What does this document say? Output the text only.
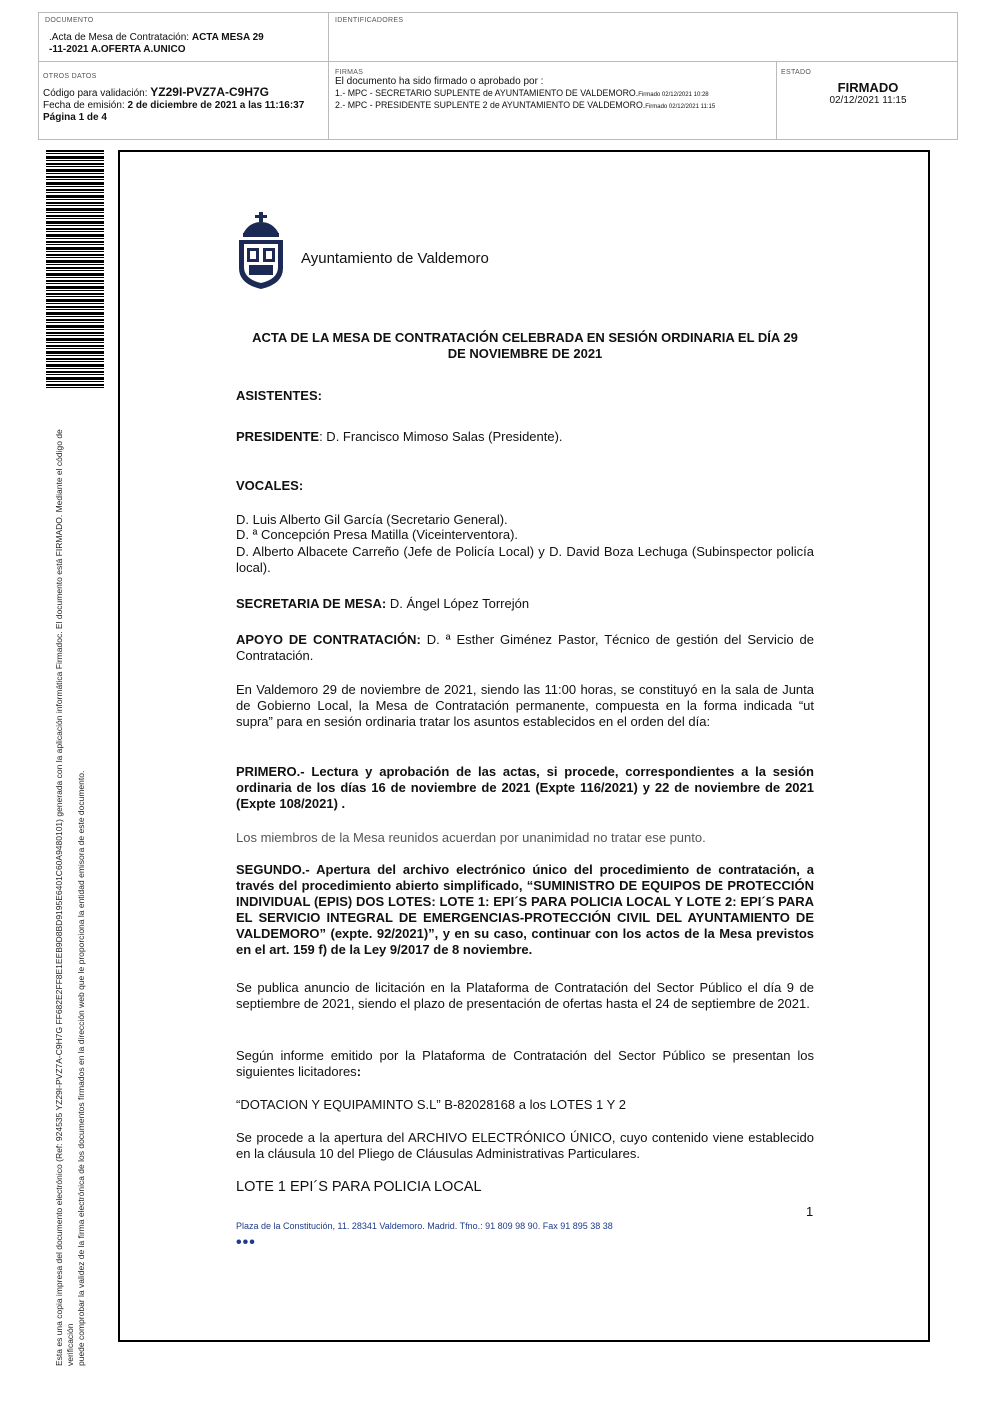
DOCUMENTO
.Acta de Mesa de Contratación: ACTA MESA 29
-11-2021 A.OFERTA A.UNICO
IDENTIFICADORES
OTROS DATOS
Código para validación: YZ29I-PVZ7A-C9H7G
Fecha de emisión: 2 de diciembre de 2021 a las 11:16:37
Página 1 de 4
FIRMAS
El documento ha sido firmado o aprobado por :
1.- MPC - SECRETARIO SUPLENTE de AYUNTAMIENTO DE VALDEMORO.Firmado 02/12/2021 10:28
2.- MPC - PRESIDENTE SUPLENTE 2 de AYUNTAMIENTO DE VALDEMORO.Firmado 02/12/2021 11:15
ESTADO
FIRMADO
02/12/2021 11:15
Esta es una copia impresa del documento electrónico (Ref: 924535 YZ29I-PVZ7A-C9H7G FF682E2FF8E1EEB9D8BD9195E6401C60A9480101) generada con la aplicación informática Firmadoc. El documento está FIRMADO. Mediante el código de verificación puede comprobar la validez de la firma electrónica de los documentos firmados en la dirección web que le proporciona la entidad emisora de este documento.
Ayuntamiento de Valdemoro
ACTA DE LA MESA DE CONTRATACIÓN CELEBRADA EN SESIÓN ORDINARIA EL DÍA 29
DE NOVIEMBRE DE 2021
ASISTENTES:
PRESIDENTE: D. Francisco Mimoso Salas (Presidente).
VOCALES:
D. Luis Alberto Gil García (Secretario General).
D. ª Concepción Presa Matilla (Viceinterventora).
D. Alberto Albacete Carreño (Jefe de Policía Local) y D. David Boza Lechuga (Subinspector policía local).
SECRETARIA DE MESA: D. Ángel López Torrejón
APOYO DE CONTRATACIÓN: D. ª Esther Giménez Pastor, Técnico de gestión del Servicio de Contratación.
En Valdemoro 29 de noviembre de 2021, siendo las 11:00 horas, se constituyó en la sala de Junta de Gobierno Local, la Mesa de Contratación permanente, compuesta en la forma indicada “ut supra” para en sesión ordinaria tratar los asuntos establecidos en el orden del día:
PRIMERO.- Lectura y aprobación de las actas, si procede, correspondientes a la sesión ordinaria de los días 16 de noviembre de 2021 (Expte 116/2021) y 22 de noviembre de 2021 (Expte 108/2021) .
Los miembros de la Mesa reunidos acuerdan por unanimidad no tratar ese punto.
SEGUNDO.- Apertura del archivo electrónico único del procedimiento de contratación, a través del procedimiento abierto simplificado, “SUMINISTRO DE EQUIPOS DE PROTECCIÓN INDIVIDUAL (EPIS) DOS LOTES: LOTE 1: EPI´S PARA POLICIA LOCAL Y LOTE 2: EPI´S PARA EL SERVICIO INTEGRAL DE EMERGENCIAS-PROTECCIÓN CIVIL DEL AYUNTAMIENTO DE VALDEMORO” (expte. 92/2021)”, y en su caso, continuar con los actos de la Mesa previstos en el art. 159 f) de la Ley 9/2017 de 8 noviembre.
Se publica anuncio de licitación en la Plataforma de Contratación del Sector Público el día 9 de septiembre de 2021, siendo el plazo de presentación de ofertas hasta el 24 de septiembre de 2021.
Según informe emitido por la Plataforma de Contratación del Sector Público se presentan los siguientes licitadores:
“DOTACION Y EQUIPAMINTO S.L” B-82028168 a los LOTES 1 Y 2
Se procede a la apertura del ARCHIVO ELECTRÓNICO ÚNICO, cuyo contenido viene establecido en la cláusula 10 del Pliego de Cláusulas Administrativas Particulares.
LOTE 1 EPI´S PARA POLICIA LOCAL
1
Plaza de la Constitución, 11. 28341 Valdemoro. Madrid. Tfno.: 91 809 98 90. Fax 91 895 38 38
•••
